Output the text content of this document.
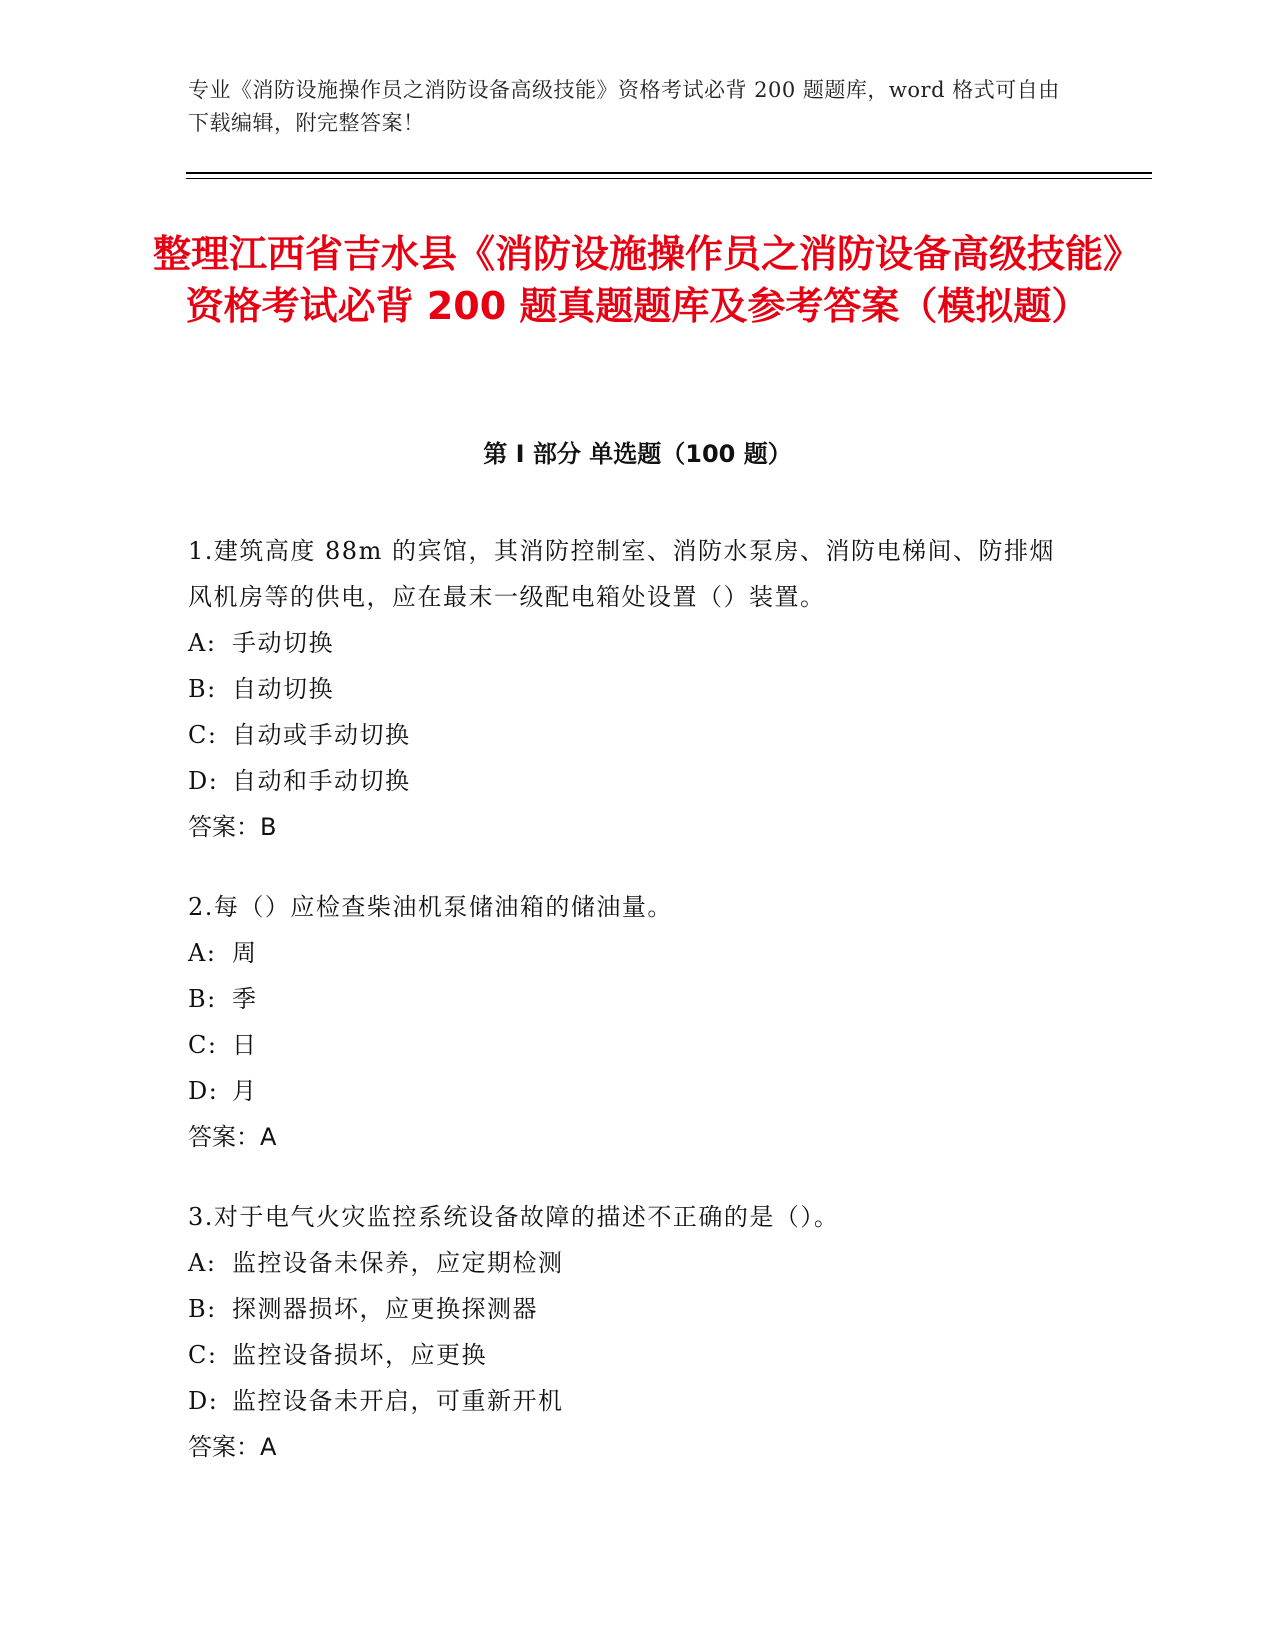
专业《消防设施操作员之消防设备高级技能》资格考试必背 200 题题库，word 格式可自由下载编辑，附完整答案！
整理江西省吉水县《消防设施操作员之消防设备高级技能》资格考试必背 200 题真题题库及参考答案（模拟题）
第 I 部分 单选题（100 题）
1.建筑高度 88m 的宾馆，其消防控制室、消防水泵房、消防电梯间、防排烟风机房等的供电，应在最末一级配电箱处设置（）装置。
A: 手动切换
B: 自动切换
C: 自动或手动切换
D: 自动和手动切换
答案：B
2.每（）应检查柴油机泵储油箱的储油量。
A: 周
B: 季
C: 日
D: 月
答案：A
3.对于电气火灾监控系统设备故障的描述不正确的是（）。
A: 监控设备未保养，应定期检测
B: 探测器损坏，应更换探测器
C: 监控设备损坏，应更换
D: 监控设备未开启，可重新开机
答案：A
